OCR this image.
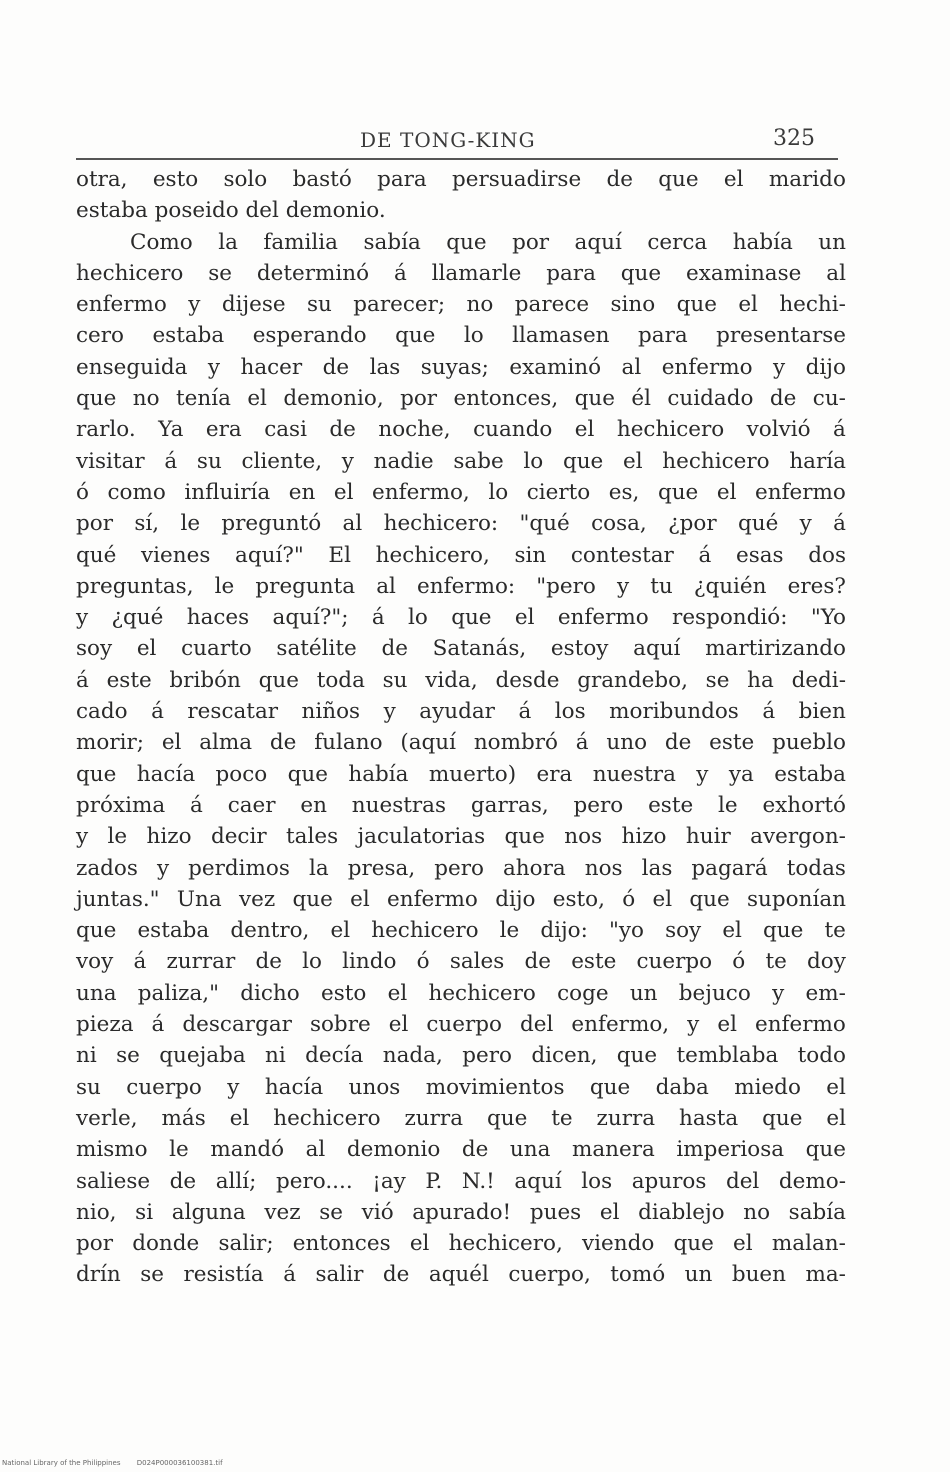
DE TONG-KING	325
otra, esto solo bastó para persuadirse de que el marido
estaba poseido del demonio.
Como la familia sabía que por aquí cerca había un
hechicero se determinó á llamarle para que examinase al
enfermo y dijese su parecer; no parece sino que el hechi-
cero estaba esperando que lo llamasen para presentarse
enseguida y hacer de las suyas; examinó al enfermo y dijo
que no tenía el demonio, por entonces, que él cuidado de cu-
rarlo. Ya era casi de noche, cuando el hechicero volvió á
visitar á su cliente, y nadie sabe lo que el hechicero haría
ó como influiría en el enfermo, lo cierto es, que el enfermo
por sí, le preguntó al hechicero: "qué cosa, ¿por qué y á
qué vienes aquí?" El hechicero, sin contestar á esas dos
preguntas, le pregunta al enfermo: "pero y tu ¿quién eres?
y ¿qué haces aquí?"; á lo que el enfermo respondió: "Yo
soy el cuarto satélite de Satanás, estoy aquí martirizando
á este bribón que toda su vida, desde grandebo, se ha dedi-
cado á rescatar niños y ayudar á los moribundos á bien
morir; el alma de fulano (aquí nombró á uno de este pueblo
que hacía poco que había muerto) era nuestra y ya estaba
próxima á caer en nuestras garras, pero este le exhortó
y le hizo decir tales jaculatorias que nos hizo huir avergon-
zados y perdimos la presa, pero ahora nos las pagará todas
juntas." Una vez que el enfermo dijo esto, ó el que suponían
que estaba dentro, el hechicero le dijo: "yo soy el que te
voy á zurrar de lo lindo ó sales de este cuerpo ó te doy
una paliza," dicho esto el hechicero coge un bejuco y em-
pieza á descargar sobre el cuerpo del enfermo, y el enfermo
ni se quejaba ni decía nada, pero dicen, que temblaba todo
su cuerpo y hacía unos movimientos que daba miedo el
verle, más el hechicero zurra que te zurra hasta que el
mismo le mandó al demonio de una manera imperiosa que
saliese de allí; pero.... ¡ay P. N.! aquí los apuros del demo-
nio, si alguna vez se vió apurado! pues el diablejo no sabía
por donde salir; entonces el hechicero, viendo que el malan-
drín se resistía á salir de aquél cuerpo, tomó un buen ma-
National Library of the Philippines D024P000036100381.tif
